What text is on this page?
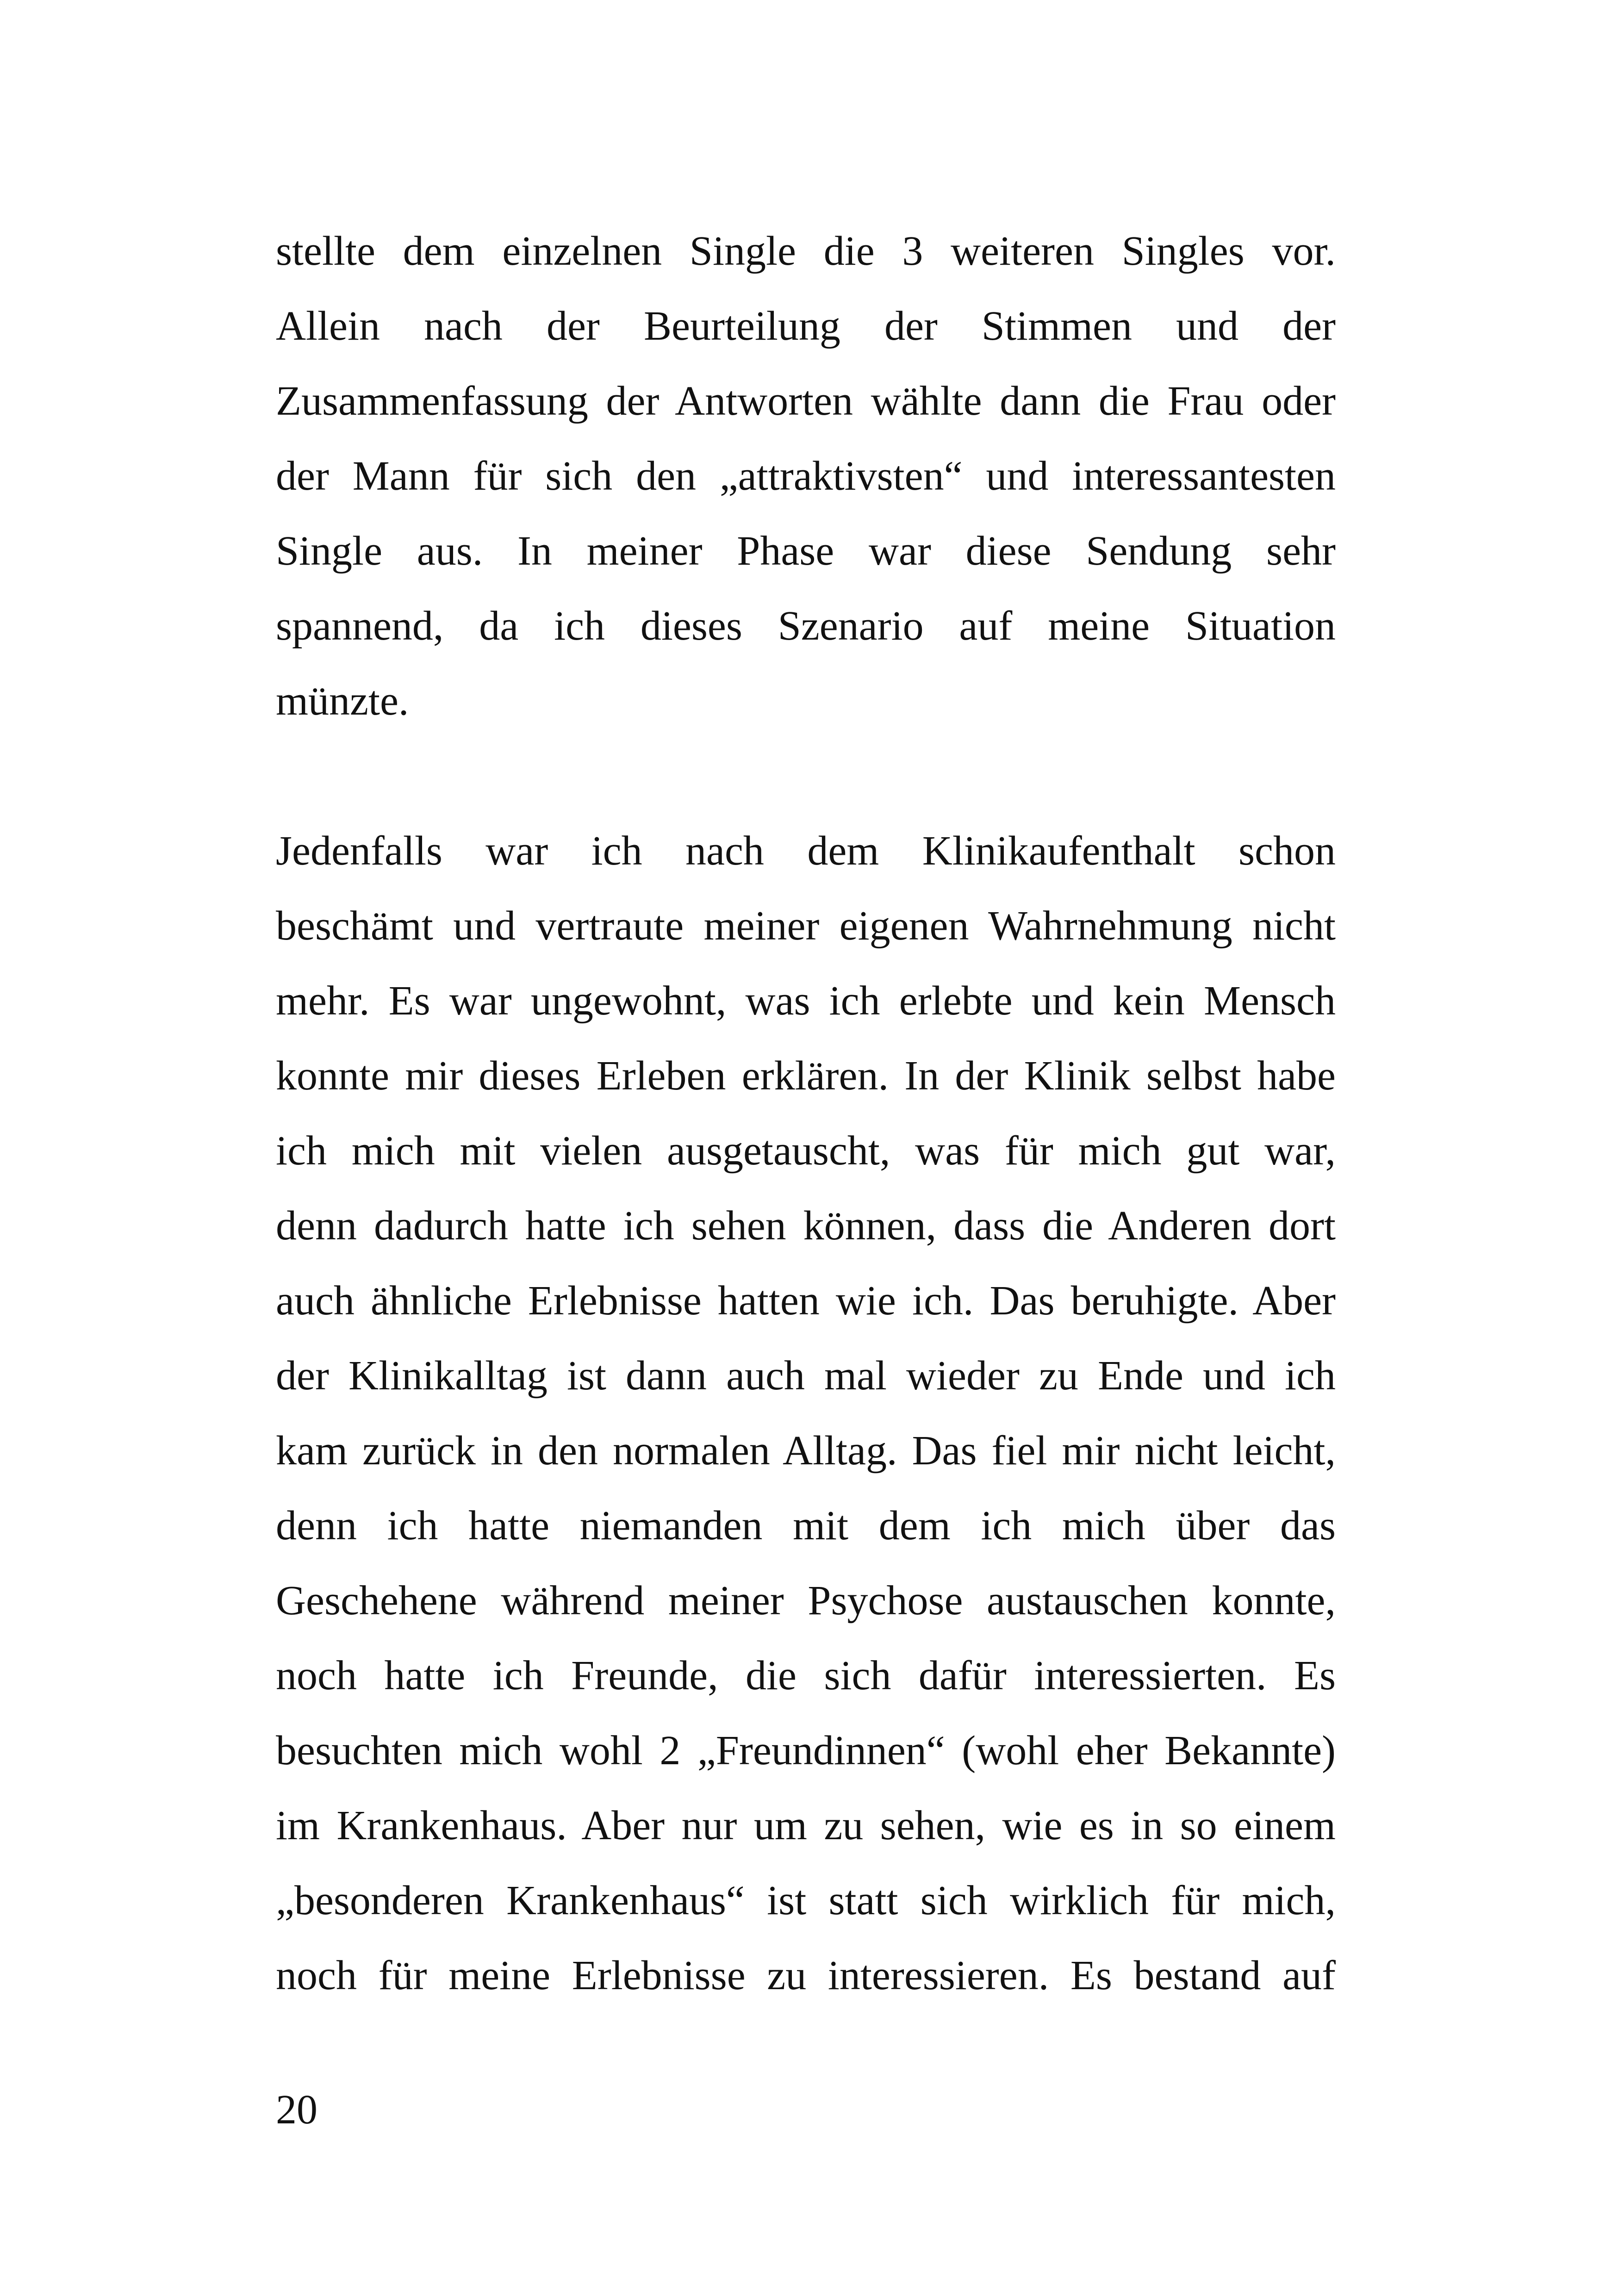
stellte dem einzelnen Single die 3 weiteren Singles vor.
Allein nach der Beurteilung der Stimmen und der
Zusammenfassung der Antworten wählte dann die Frau oder
der Mann für sich den „attraktivsten“ und interessantesten
Single aus. In meiner Phase war diese Sendung sehr
spannend, da ich dieses Szenario auf meine Situation
münzte.
Jedenfalls war ich nach dem Klinikaufenthalt schon
beschämt und vertraute meiner eigenen Wahrnehmung nicht
mehr. Es war ungewohnt, was ich erlebte und kein Mensch
konnte mir dieses Erleben erklären. In der Klinik selbst habe
ich mich mit vielen ausgetauscht, was für mich gut war,
denn dadurch hatte ich sehen können, dass die Anderen dort
auch ähnliche Erlebnisse hatten wie ich. Das beruhigte. Aber
der Klinikalltag ist dann auch mal wieder zu Ende und ich
kam zurück in den normalen Alltag. Das fiel mir nicht leicht,
denn ich hatte niemanden mit dem ich mich über das
Geschehene während meiner Psychose austauschen konnte,
noch hatte ich Freunde, die sich dafür interessierten. Es
besuchten mich wohl 2 „Freundinnen“ (wohl eher Bekannte)
im Krankenhaus. Aber nur um zu sehen, wie es in so einem
„besonderen Krankenhaus“ ist statt sich wirklich für mich,
noch für meine Erlebnisse zu interessieren. Es bestand auf
20
